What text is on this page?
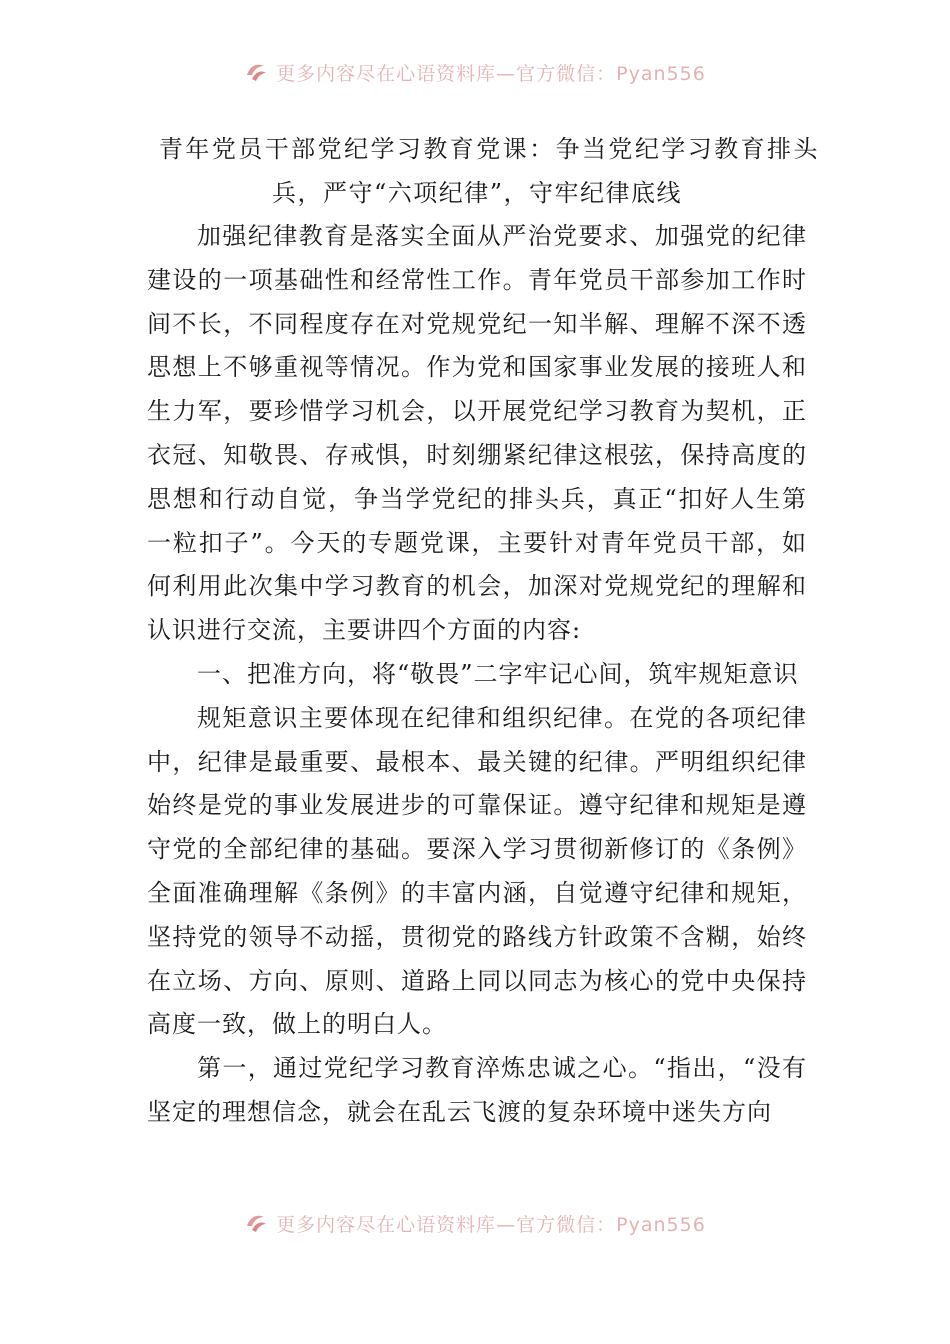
更多内容尽在心语资料库—官方微信：Pyan556
青年党员干部党纪学习教育党课：争当党纪学习教育排头
兵，严守“六项纪律”，守牢纪律底线

加强纪律教育是落实全面从严治党要求、加强党的纪律建设的一项基础性和经常性工作。青年党员干部参加工作时间不长，不同程度存在对党规党纪一知半解、理解不深不透思想上不够重视等情况。作为党和国家事业发展的接班人和生力军，要珍惜学习机会，以开展党纪学习教育为契机，正衣冠、知敬畏、存戒惧，时刻绷紧纪律这根弦，保持高度的思想和行动自觉，争当学党纪的排头兵，真正“扣好人生第一粒扣子”。今天的专题党课，主要针对青年党员干部，如何利用此次集中学习教育的机会，加深对党规党纪的理解和认识进行交流，主要讲四个方面的内容:

一、把准方向，将“敬畏”二字牢记心间，筑牢规矩意识

规矩意识主要体现在纪律和组织纪律。在党的各项纪律中，纪律是最重要、最根本、最关键的纪律。严明组织纪律始终是党的事业发展进步的可靠保证。遵守纪律和规矩是遵守党的全部纪律的基础。要深入学习贯彻新修订的《条例》全面准确理解《条例》的丰富内涵，自觉遵守纪律和规矩，坚持党的领导不动摇，贯彻党的路线方针政策不含糊，始终在立场、方向、原则、道路上同以同志为核心的党中央保持高度一致，做上的明白人。

第一，通过党纪学习教育淬炼忠诚之心。“指出，“没有坚定的理想信念，就会在乱云飞渡的复杂环境中迷失方向

更多内容尽在心语资料库—官方微信：Pyan556
